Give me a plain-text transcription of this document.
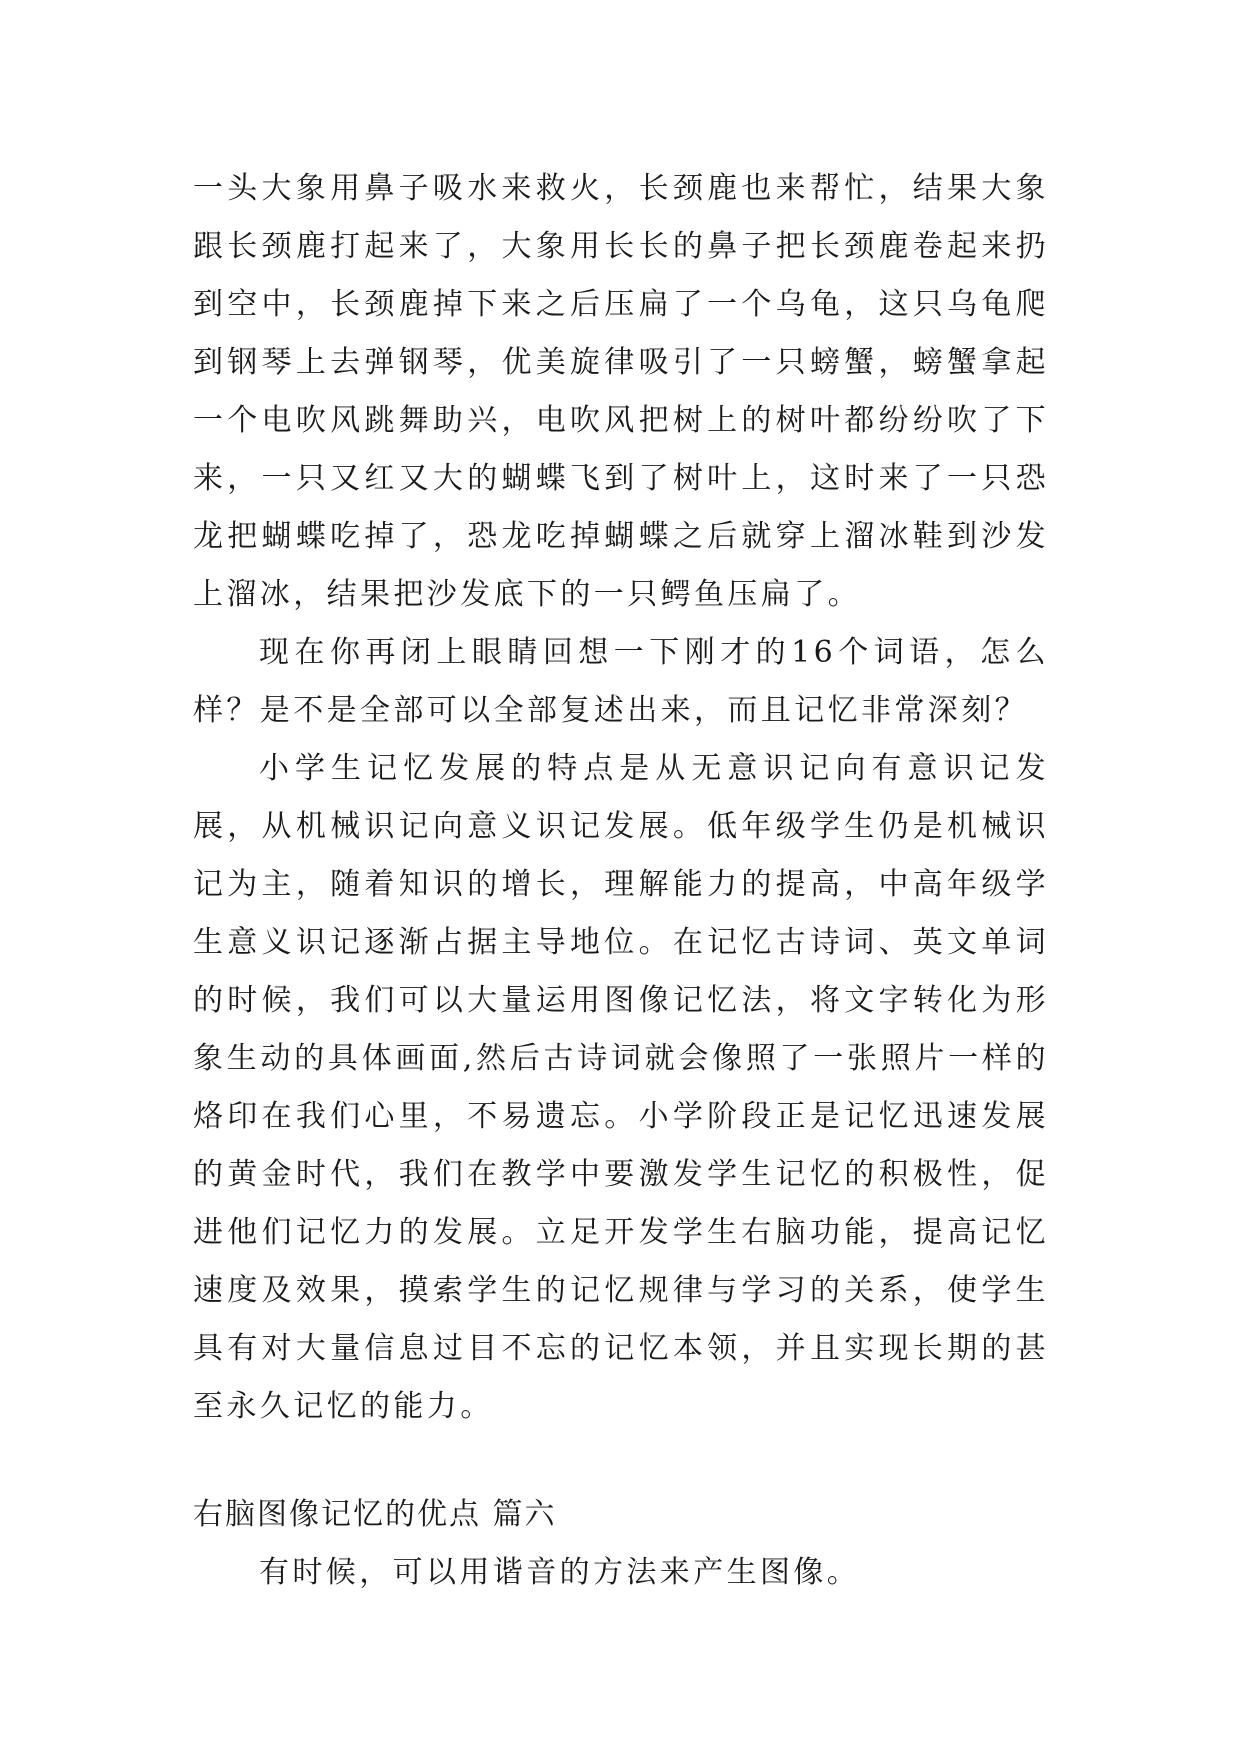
一头大象用鼻子吸水来救火，长颈鹿也来帮忙，结果大象跟长颈鹿打起来了，大象用长长的鼻子把长颈鹿卷起来扔到空中，长颈鹿掉下来之后压扁了一个乌龟，这只乌龟爬到钢琴上去弹钢琴，优美旋律吸引了一只螃蟹，螃蟹拿起一个电吹风跳舞助兴，电吹风把树上的树叶都纷纷吹了下来，一只又红又大的蝴蝶飞到了树叶上，这时来了一只恐龙把蝴蝶吃掉了，恐龙吃掉蝴蝶之后就穿上溜冰鞋到沙发上溜冰，结果把沙发底下的一只鳄鱼压扁了。

现在你再闭上眼睛回想一下刚才的16个词语，怎么样？是不是全部可以全部复述出来，而且记忆非常深刻？

小学生记忆发展的特点是从无意识记向有意识记发展，从机械识记向意义识记发展。低年级学生仍是机械识记为主，随着知识的增长，理解能力的提高，中高年级学生意义识记逐渐占据主导地位。在记忆古诗词、英文单词的时候，我们可以大量运用图像记忆法，将文字转化为形象生动的具体画面,然后古诗词就会像照了一张照片一样的烙印在我们心里，不易遗忘。小学阶段正是记忆迅速发展的黄金时代，我们在教学中要激发学生记忆的积极性，促进他们记忆力的发展。立足开发学生右脑功能，提高记忆速度及效果，摸索学生的记忆规律与学习的关系，使学生具有对大量信息过目不忘的记忆本领，并且实现长期的甚至永久记忆的能力。

右脑图像记忆的优点 篇六

有时候，可以用谐音的方法来产生图像。
